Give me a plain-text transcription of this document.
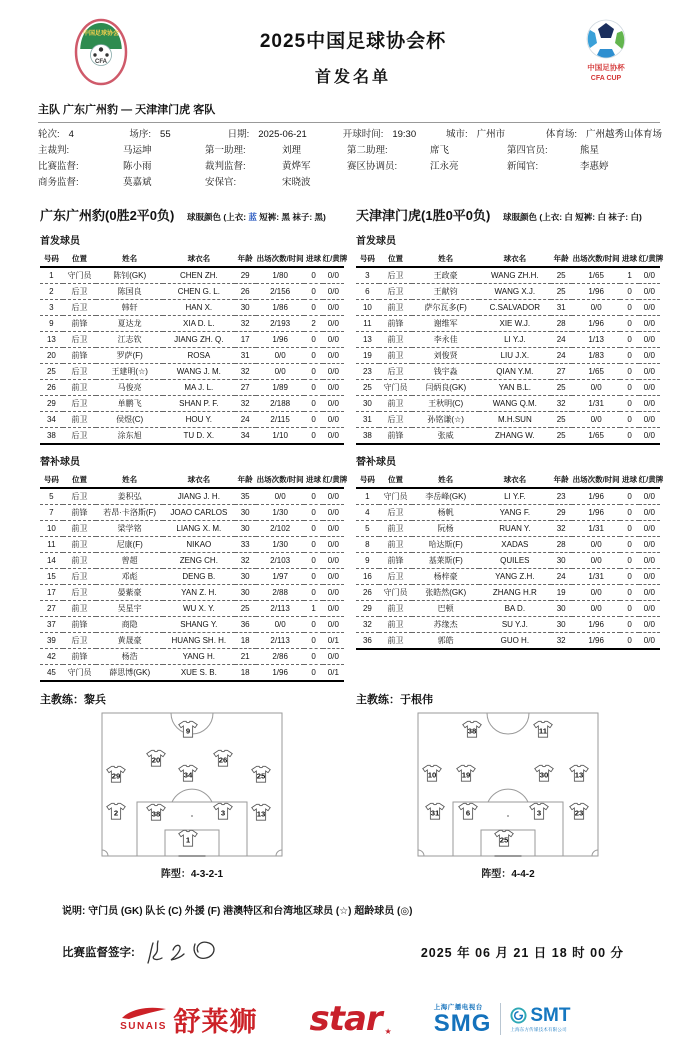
中国足球协会
CFA
2025中国足球协会杯
首发名单
中国足协杯
CFA CUP
主队 广东广州豹 — 天津津门虎 客队
轮次: 4	场序: 55	日期: 2025-06-21	开球时间: 19:30	城市: 广州市	体育场: 广州越秀山体育场
主裁判:	马运坤	第一助理:	刘理	第二助理:	席飞	第四官员:	熊星
比赛监督:	陈小雨	裁判监督:	黄烨军	赛区协调员:	江永亮	新闻官:	李惠婷
商务监督:	莫嘉斌	安保官:	宋晓波
广东广州豹(0胜2平0负)	球服颜色 (上衣: 蓝 短裤: 黑 袜子: 黑) 天津津门虎(1胜0平0负)	球服颜色 (上衣: 白 短裤: 白 袜子: 白)
首发球员	首发球员
号码	位置	姓名	球衣名	年龄	出场次数/时间	进球	红/黄牌
1	守门员	陈钊(GK)	CHEN ZH.	29	1/80	0	0/0
2	后卫	陈国良	CHEN G. L.	26	2/156	0	0/0
3	后卫	韩轩	HAN X.	30	1/86	0	0/0
9	前锋	夏达龙	XIA D. L.	32	2/193	2	0/0
13	后卫	江志钦	JIANG ZH. Q.	17	1/96	0	0/0
20	前锋	罗萨(F)	ROSA	31	0/0	0	0/0
25	后卫	王建明(☆)	WANG J. M.	32	0/0	0	0/0
26	前卫	马俊亮	MA J. L.	27	1/89	0	0/0
29	后卫	单鹏飞	SHAN P. F.	32	2/188	0	0/0
34	前卫	侯煜(C)	HOU Y.	24	2/115	0	0/0
38	后卫	涂东旭	TU D. X.	34	1/10	0	0/0
号码	位置	姓名	球衣名	年龄	出场次数/时间	进球	红/黄牌
3	后卫	王政豪	WANG ZH.H.	25	1/65	1	0/0
6	后卫	王献钧	WANG X.J.	25	1/96	0	0/0
10	前卫	萨尔瓦多(F)	C.SALVADOR	31	0/0	0	0/0
11	前锋	谢维军	XIE W.J.	28	1/96	0	0/0
13	前卫	李永佳	LI Y.J.	24	1/13	0	0/0
19	前卫	刘俊贤	LIU J.X.	24	1/83	0	0/0
23	后卫	钱宇淼	QIAN Y.M.	27	1/65	0	0/0
25	守门员	闫炳良(GK)	YAN B.L.	25	0/0	0	0/0
30	前卫	王秋明(C)	WANG Q.M.	32	1/31	0	0/0
31	后卫	孙铭谦(☆)	M.H.SUN	25	0/0	0	0/0
38	前锋	张威	ZHANG W.	25	1/65	0	0/0
替补球员	替补球员
号码	位置	姓名	球衣名	年龄	出场次数/时间	进球	红/黄牌
5	后卫	姜积弘	JIANG J. H.	35	0/0	0	0/0
7	前锋	若昂·卡洛斯(F)	JOAO CARLOS	30	1/30	0	0/0
10	前卫	梁学铭	LIANG X. M.	30	2/102	0	0/0
11	前卫	尼康(F)	NIKAO	33	1/30	0	0/0
14	前卫	曾超	ZENG CH.	32	2/103	0	0/0
15	后卫	邓彪	DENG B.	30	1/97	0	0/0
17	后卫	晏紫豪	YAN Z. H.	30	2/88	0	0/0
27	前卫	吴星宇	WU X. Y.	25	2/113	1	0/0
37	前锋	商隐	SHANG Y.	36	0/0	0	0/0
39	后卫	黄晟豪	HUANG SH. H.	18	2/113	0	0/1
42	前锋	杨浩	YANG H.	21	2/86	0	0/0
45	守门员	薛思博(GK)	XUE S. B.	18	1/96	0	0/1
号码	位置	姓名	球衣名	年龄	出场次数/时间	进球	红/黄牌
1	守门员	李岳峰(GK)	LI Y.F.	23	1/96	0	0/0
4	后卫	杨帆	YANG F.	29	1/96	0	0/0
5	前卫	阮杨	RUAN Y.	32	1/31	0	0/0
8	前卫	哈达斯(F)	XADAS	28	0/0	0	0/0
9	前锋	基莱斯(F)	QUILES	30	0/0	0	0/0
16	后卫	杨梓豪	YANG Z.H.	24	1/31	0	0/0
26	守门员	张皓然(GK)	ZHANG H.R	19	0/0	0	0/0
29	前卫	巴顿	BA D.	30	0/0	0	0/0
32	前卫	苏缘杰	SU Y.J.	30	1/96	0	0/0
36	前卫	郭皓	GUO H.	32	1/96	0	0/0
主教练：黎兵	主教练：于根伟
9
20	26
29	34	25
2	38	3	13
1
38	11
10	19	30	13
31	6	3	23
25
阵型：4-3-2-1	阵型：4-4-2
说明: 守门员 (GK) 队长 (C) 外援 (F) 港澳特区和台湾地区球员 (☆) 超龄球员 (◎)
比赛监督签字:	2025 年 06 月 21 日 18 时 00 分
SUNAIS 舒莱狮 star ★
上海广播电视台
SMG SMT
上海东方传媒技术有限公司
